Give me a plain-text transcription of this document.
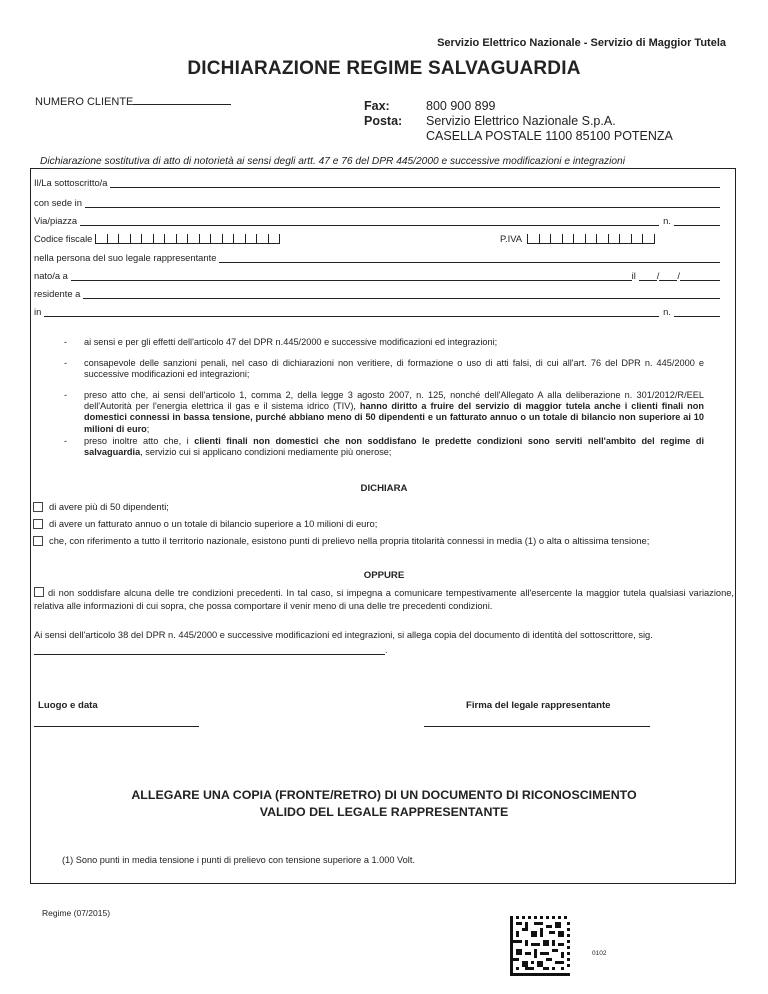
Servizio Elettrico Nazionale - Servizio di Maggior Tutela
DICHIARAZIONE REGIME SALVAGUARDIA
NUMERO CLIENTE	Fax:	800 900 899
Posta: Servizio Elettrico Nazionale S.p.A.
CASELLA POSTALE 1100 85100 POTENZA
Dichiarazione sostitutiva di atto di notorietà ai sensi degli artt. 47 e 76 del DPR 445/2000 e successive modificazioni e integrazioni
Il/La sottoscritto/a
con sede in
Via/piazza	n.
Codice fiscale	P.IVA
nella persona del suo legale rappresentante
nato/a a	il / /
residente a
in	n.
- ai sensi e per gli effetti dell'articolo 47 del DPR n.445/2000 e successive modificazioni ed integrazioni;
- consapevole delle sanzioni penali, nel caso di dichiarazioni non veritiere, di formazione o uso di atti falsi, di cui all'art. 76 del DPR n. 445/2000 e successive modificazioni ed integrazioni;
- preso atto che, ai sensi dell'articolo 1, comma 2, della legge 3 agosto 2007, n. 125, nonché dell'Allegato A alla deliberazione n. 301/2012/R/EEL dell'Autorità per l'energia elettrica il gas e il sistema idrico (TIV), hanno diritto a fruire del servizio di maggior tutela anche i clienti finali non domestici connessi in bassa tensione, purché abbiano meno di 50 dipendenti e un fatturato annuo o un totale di bilancio non superiore ai 10 milioni di euro;
- preso inoltre atto che, i clienti finali non domestici che non soddisfano le predette condizioni sono serviti nell'ambito del regime di salvaguardia, servizio cui si applicano condizioni mediamente più onerose;
DICHIARA
di avere più di 50 dipendenti;
di avere un fatturato annuo o un totale di bilancio superiore a 10 milioni di euro;
che, con riferimento a tutto il territorio nazionale, esistono punti di prelievo nella propria titolarità connessi in media (1) o alta o altissima tensione;
OPPURE
di non soddisfare alcuna delle tre condizioni precedenti. In tal caso, si impegna a comunicare tempestivamente all'esercente la maggior tutela qualsiasi variazione, relativa alle informazioni di cui sopra, che possa comportare il venir meno di una delle tre precedenti condizioni.
Ai sensi dell'articolo 38 del DPR n. 445/2000 e successive modificazioni ed integrazioni, si allega copia del documento di identità del sottoscrittore, sig.
.
Luogo e data	Firma del legale rappresentante
ALLEGARE UNA COPIA (FRONTE/RETRO) DI UN DOCUMENTO DI RICONOSCIMENTO
VALIDO DEL LEGALE RAPPRESENTANTE
(1) Sono punti in media tensione i punti di prelievo con tensione superiore a 1.000 Volt.
Regime (07/2015)
0102
